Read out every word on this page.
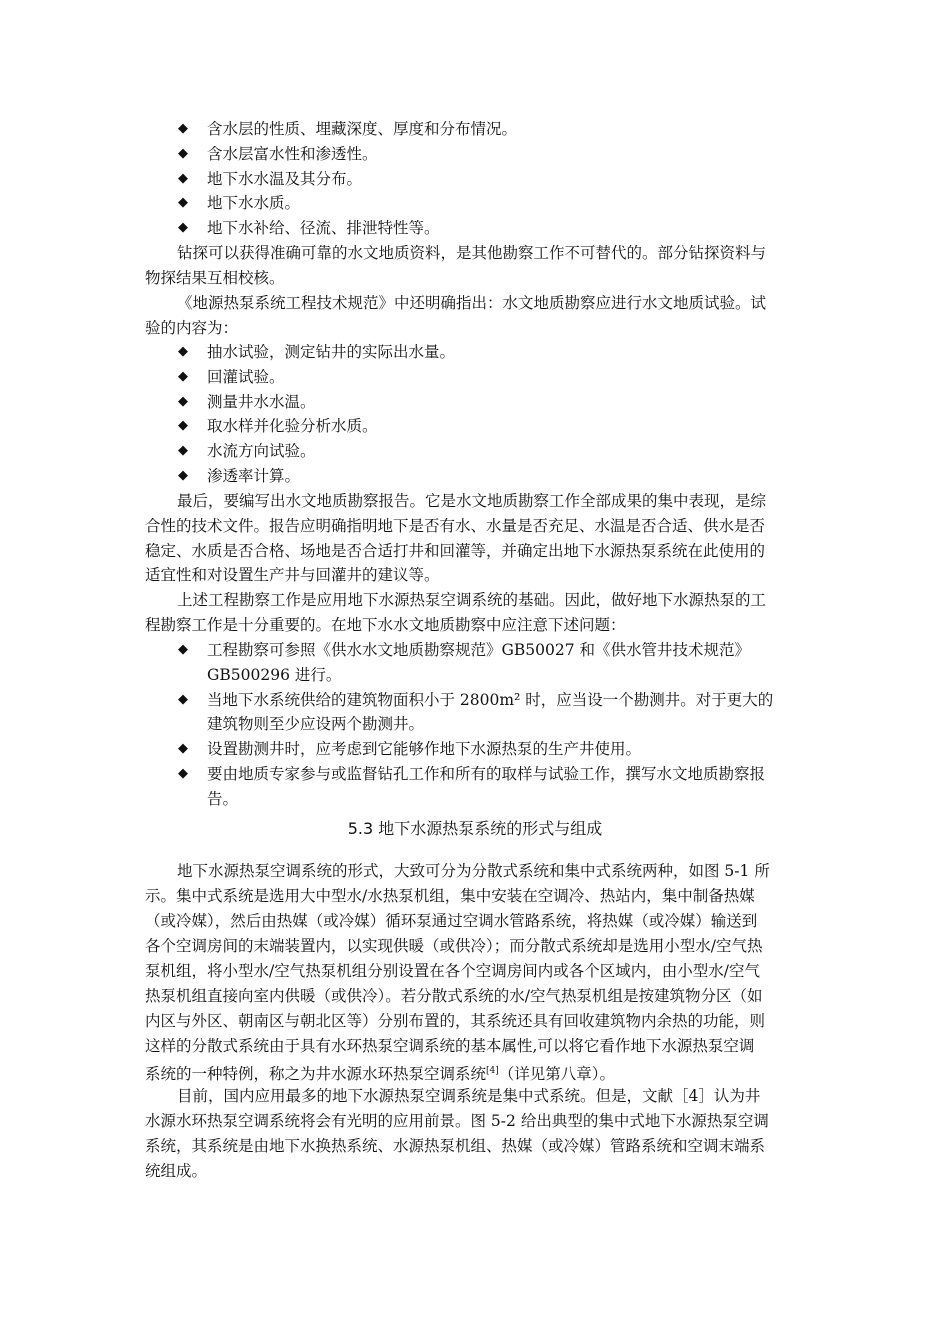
◆ 含水层的性质、埋藏深度、厚度和分布情况。
◆ 含水层富水性和渗透性。
◆ 地下水水温及其分布。
◆ 地下水水质。
◆ 地下水补给、径流、排泄特性等。
钻探可以获得准确可靠的水文地质资料，是其他勘察工作不可替代的。部分钻探资料与
物探结果互相校核。
《地源热泵系统工程技术规范》中还明确指出：水文地质勘察应进行水文地质试验。试
验的内容为：
◆ 抽水试验，测定钻井的实际出水量。
◆ 回灌试验。
◆ 测量井水水温。
◆ 取水样并化验分析水质。
◆ 水流方向试验。
◆ 渗透率计算。
最后，要编写出水文地质勘察报告。它是水文地质勘察工作全部成果的集中表现，是综
合性的技术文件。报告应明确指明地下是否有水、水量是否充足、水温是否合适、供水是否
稳定、水质是否合格、场地是否合适打井和回灌等，并确定出地下水源热泵系统在此使用的
适宜性和对设置生产井与回灌井的建议等。
上述工程勘察工作是应用地下水源热泵空调系统的基础。因此，做好地下水源热泵的工
程勘察工作是十分重要的。在地下水水文地质勘察中应注意下述问题：
◆ 工程勘察可参照《供水水文地质勘察规范》GB50027 和《供水管井技术规范》
GB500296 进行。
◆ 当地下水系统供给的建筑物面积小于 2800m² 时，应当设一个勘测井。对于更大的
建筑物则至少应设两个勘测井。
◆ 设置勘测井时，应考虑到它能够作地下水源热泵的生产井使用。
◆ 要由地质专家参与或监督钻孔工作和所有的取样与试验工作，撰写水文地质勘察报
告。
5.3 地下水源热泵系统的形式与组成
地下水源热泵空调系统的形式，大致可分为分散式系统和集中式系统两种，如图 5-1 所
示。集中式系统是选用大中型水/水热泵机组，集中安装在空调冷、热站内，集中制备热媒
（或冷媒），然后由热媒（或冷媒）循环泵通过空调水管路系统，将热媒（或冷媒）输送到
各个空调房间的末端装置内，以实现供暖（或供冷）；而分散式系统却是选用小型水/空气热
泵机组，将小型水/空气热泵机组分别设置在各个空调房间内或各个区域内，由小型水/空气
热泵机组直接向室内供暖（或供冷）。若分散式系统的水/空气热泵机组是按建筑物分区（如
内区与外区、朝南区与朝北区等）分别布置的，其系统还具有回收建筑物内余热的功能，则
这样的分散式系统由于具有水环热泵空调系统的基本属性,可以将它看作地下水源热泵空调
系统的一种特例，称之为井水源水环热泵空调系统[4]（详见第八章）。
目前，国内应用最多的地下水源热泵空调系统是集中式系统。但是，文献［4］认为井
水源水环热泵空调系统将会有光明的应用前景。图 5-2 给出典型的集中式地下水源热泵空调
系统，其系统是由地下水换热系统、水源热泵机组、热媒（或冷媒）管路系统和空调末端系
统组成。
